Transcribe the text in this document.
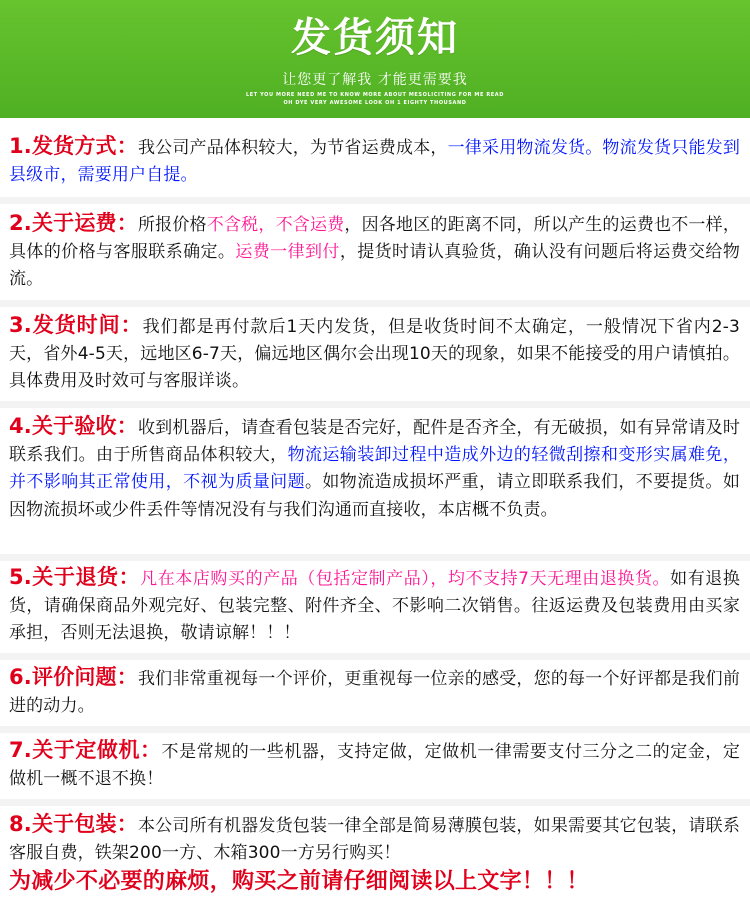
发货须知
让您更了解我 才能更需要我
LET YOU MORE NEED ME TO KNOW MORE ABOUT MESOLICITING FOR ME READ
OH DYE VERY AWESOME LOOK OH 1 EIGHTY THOUSAND

1.发货方式：我公司产品体积较大，为节省运费成本，一律采用物流发货。物流发货只能发到县级市，需要用户自提。

2.关于运费：所报价格不含税，不含运费，因各地区的距离不同，所以产生的运费也不一样，具体的价格与客服联系确定。运费一律到付，提货时请认真验货，确认没有问题后将运费交给物流。

3.发货时间：我们都是再付款后1天内发货，但是收货时间不太确定，一般情况下省内2-3天，省外4-5天，远地区6-7天，偏远地区偶尔会出现10天的现象，如果不能接受的用户请慎拍。具体费用及时效可与客服详谈。

4.关于验收：收到机器后，请查看包装是否完好，配件是否齐全，有无破损，如有异常请及时联系我们。由于所售商品体积较大，物流运输装卸过程中造成外边的轻微刮擦和变形实属难免，并不影响其正常使用，不视为质量问题。如物流造成损坏严重，请立即联系我们，不要提货。如因物流损坏或少件丢件等情况没有与我们沟通而直接收，本店概不负责。

5.关于退货：凡在本店购买的产品（包括定制产品），均不支持7天无理由退换货。如有退换货，请确保商品外观完好、包装完整、附件齐全、不影响二次销售。往返运费及包装费用由买家承担，否则无法退换，敬请谅解！！！

6.评价问题：我们非常重视每一个评价，更重视每一位亲的感受，您的每一个好评都是我们前进的动力。

7.关于定做机：不是常规的一些机器，支持定做，定做机一律需要支付三分之二的定金，定做机一概不退不换！

8.关于包装：本公司所有机器发货包装一律全部是简易薄膜包装，如果需要其它包装，请联系客服自费，铁架200一方、木箱300一方另行购买！

为减少不必要的麻烦，购买之前请仔细阅读以上文字！！！
